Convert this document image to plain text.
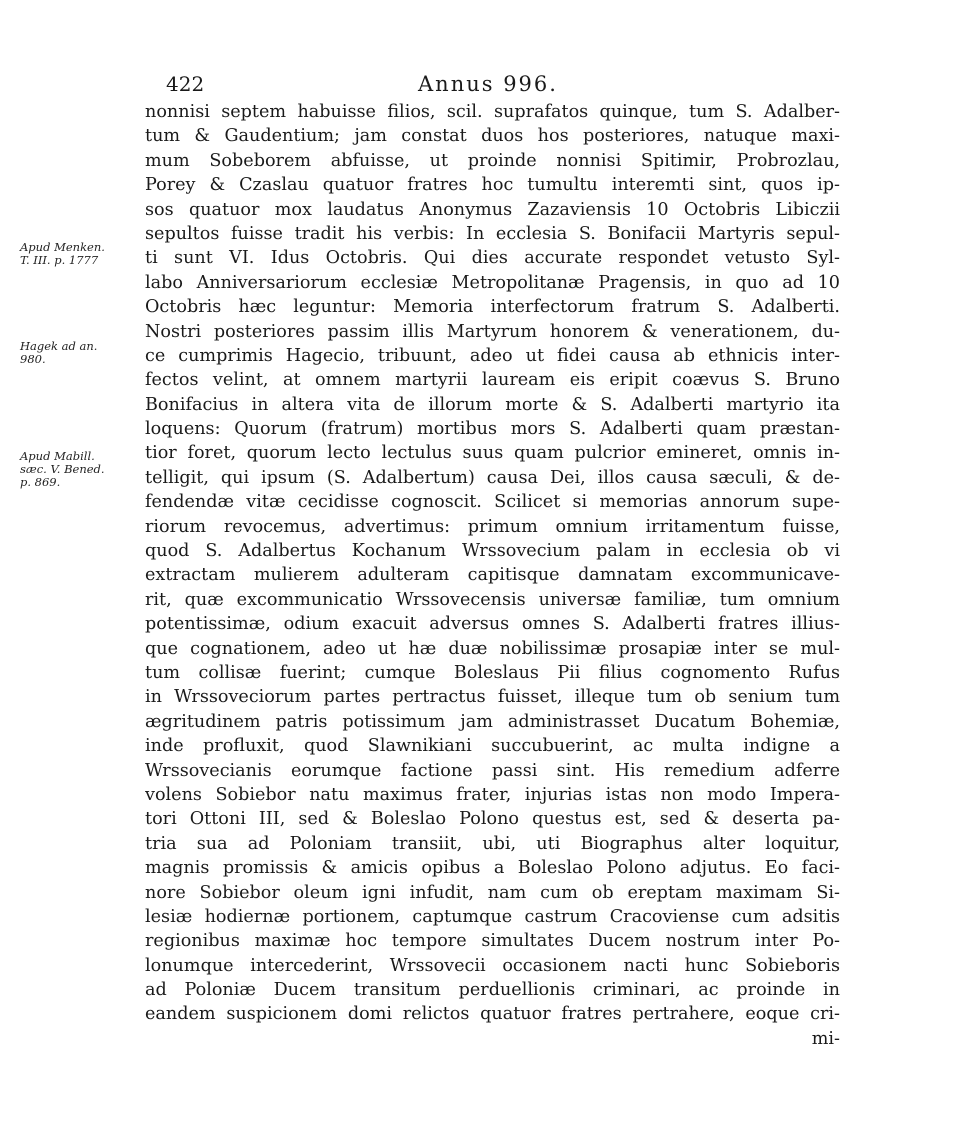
422	Annus 996.
Apud Menken.
T. III. p. 1777
Hagek ad an.
980.
Apud Mabill.
sæc. V. Bened.
p. 869.
nonnisi septem habuisse filios, scil. suprafatos quinque, tum S. Adalber-
tum & Gaudentium; jam constat duos hos posteriores, natuque maxi-
mum Sobeborem abfuisse, ut proinde nonnisi Spitimir, Probrozlau,
Porey & Czaslau quatuor fratres hoc tumultu interemti sint, quos ip-
sos quatuor mox laudatus Anonymus Zazaviensis 10 Octobris Libiczii
sepultos fuisse tradit his verbis: In ecclesia S. Bonifacii Martyris sepul-
ti sunt VI. Idus Octobris. Qui dies accurate respondet vetusto Syl-
labo Anniversariorum ecclesiæ Metropolitanæ Pragensis, in quo ad 10
Octobris hæc leguntur: Memoria interfectorum fratrum S. Adalberti.
Nostri posteriores passim illis Martyrum honorem & venerationem, du-
ce cumprimis Hagecio, tribuunt, adeo ut fidei causa ab ethnicis inter-
fectos velint, at omnem martyrii lauream eis eripit coævus S. Bruno
Bonifacius in altera vita de illorum morte & S. Adalberti martyrio ita
loquens: Quorum (fratrum) mortibus mors S. Adalberti quam præstan-
tior foret, quorum lecto lectulus suus quam pulcrior emineret, omnis in-
telligit, qui ipsum (S. Adalbertum) causa Dei, illos causa sæculi, & de-
fendendæ vitæ cecidisse cognoscit. Scilicet si memorias annorum supe-
riorum revocemus, advertimus: primum omnium irritamentum fuisse,
quod S. Adalbertus Kochanum Wrssovecium palam in ecclesia ob vi
extractam mulierem adulteram capitisque damnatam excommunicave-
rit, quæ excommunicatio Wrssovecensis universæ familiæ, tum omnium
potentissimæ, odium exacuit adversus omnes S. Adalberti fratres illius-
que cognationem, adeo ut hæ duæ nobilissimæ prosapiæ inter se mul-
tum collisæ fuerint; cumque Boleslaus Pii filius cognomento Rufus
in Wrssoveciorum partes pertractus fuisset, illeque tum ob senium tum
ægritudinem patris potissimum jam administrasset Ducatum Bohemiæ,
inde profluxit, quod Slawnikiani succubuerint, ac multa indigne a
Wrssovecianis eorumque factione passi sint. His remedium adferre
volens Sobiebor natu maximus frater, injurias istas non modo Impera-
tori Ottoni III, sed & Boleslao Polono questus est, sed & deserta pa-
tria sua ad Poloniam transiit, ubi, uti Biographus alter loquitur,
magnis promissis & amicis opibus a Boleslao Polono adjutus. Eo faci-
nore Sobiebor oleum igni infudit, nam cum ob ereptam maximam Si-
lesiæ hodiernæ portionem, captumque castrum Cracoviense cum adsitis
regionibus maximæ hoc tempore simultates Ducem nostrum inter Po-
lonumque intercederint, Wrssovecii occasionem nacti hunc Sobieboris
ad Poloniæ Ducem transitum perduellionis criminari, ac proinde in
eandem suspicionem domi relictos quatuor fratres pertrahere, eoque cri-
mi-
